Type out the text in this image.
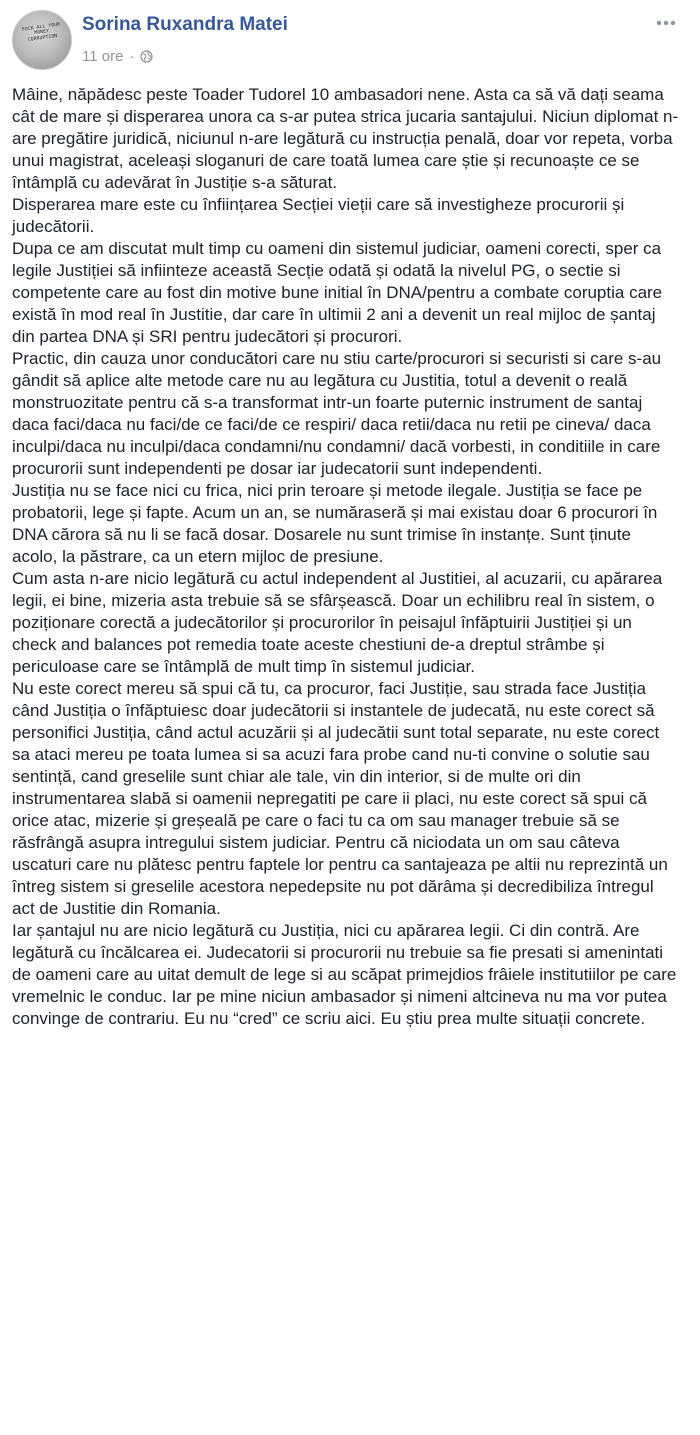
FUCK ALL YOUR MONEY CORRUPTION
Sorina Ruxandra Matei
11 ore ·

Mâine, năpădesc peste Toader Tudorel 10 ambasadori nene. Asta ca să vă dați seama cât de mare și disperarea unora ca s-ar putea strica jucaria santajului. Niciun diplomat n-are pregătire juridică, niciunul n-are legătură cu instrucția penală, doar vor repeta, vorba unui magistrat, aceleași sloganuri de care toată lumea care știe și recunoaște ce se întâmplă cu adevărat în Justiție s-a săturat.

Disperarea mare este cu înființarea Secției vieții care să investigheze procurorii și judecătorii.

Dupa ce am discutat mult timp cu oameni din sistemul judiciar, oameni corecti, sper ca legile Justiției să infiinteze această Secție odată și odată la nivelul PG, o sectie si competente care au fost din motive bune initial în DNA/pentru a combate coruptia care există în mod real în Justitie, dar care în ultimii 2 ani a devenit un real mijloc de șantaj din partea DNA și SRI pentru judecători și procurori.

Practic, din cauza unor conducători care nu stiu carte/procurori si securisti si care s-au gândit să aplice alte metode care nu au legătura cu Justitia, totul a devenit o reală monstruozitate pentru că s-a transformat intr-un foarte puternic instrument de santaj daca faci/daca nu faci/de ce faci/de ce respiri/ daca retii/daca nu retii pe cineva/ daca inculpi/daca nu inculpi/daca condamni/nu condamni/ dacă vorbesti, in conditiile in care procurorii sunt independenti pe dosar iar judecatorii sunt independenti.

Justiția nu se face nici cu frica, nici prin teroare și metode ilegale. Justiția se face pe probatorii, lege și fapte. Acum un an, se număraseră și mai existau doar 6 procurori în DNA cărora să nu li se facă dosar. Dosarele nu sunt trimise în instanțe. Sunt ținute acolo, la păstrare, ca un etern mijloc de presiune.

Cum asta n-are nicio legătură cu actul independent al Justitiei, al acuzarii, cu apărarea legii, ei bine, mizeria asta trebuie să se sfârșească. Doar un echilibru real în sistem, o poziționare corectă a judecătorilor și procurorilor în peisajul înfăptuirii Justiției și un check and balances pot remedia toate aceste chestiuni de-a dreptul strâmbe și periculoase care se întâmplă de mult timp în sistemul judiciar.

Nu este corect mereu să spui că tu, ca procuror, faci Justiție, sau strada face Justiția când Justiția o înfăptuiesc doar judecătorii si instantele de judecată, nu este corect să personifici Justiția, când actul acuzării și al judecătii sunt total separate, nu este corect sa ataci mereu pe toata lumea si sa acuzi fara probe cand nu-ti convine o solutie sau sentință, cand greselile sunt chiar ale tale, vin din interior, si de multe ori din instrumentarea slabă si oamenii nepregatiti pe care ii placi, nu este corect să spui că orice atac, mizerie și greșeală pe care o faci tu ca om sau manager trebuie să se răsfrângă asupra intregului sistem judiciar. Pentru că niciodata un om sau câteva uscaturi care nu plătesc pentru faptele lor pentru ca santajeaza pe altii nu reprezintă un întreg sistem si greselile acestora nepedepsite nu pot dărâma și decredibiliza întregul act de Justitie din Romania.

Iar șantajul nu are nicio legătură cu Justiția, nici cu apărarea legii. Ci din contră. Are legătură cu încălcarea ei. Judecatorii si procurorii nu trebuie sa fie presati si amenintati de oameni care au uitat demult de lege si au scăpat primejdios frâiele institutiilor pe care vremelnic le conduc. Iar pe mine niciun ambasador și nimeni altcineva nu ma vor putea convinge de contrariu. Eu nu “cred” ce scriu aici. Eu știu prea multe situații concrete.
